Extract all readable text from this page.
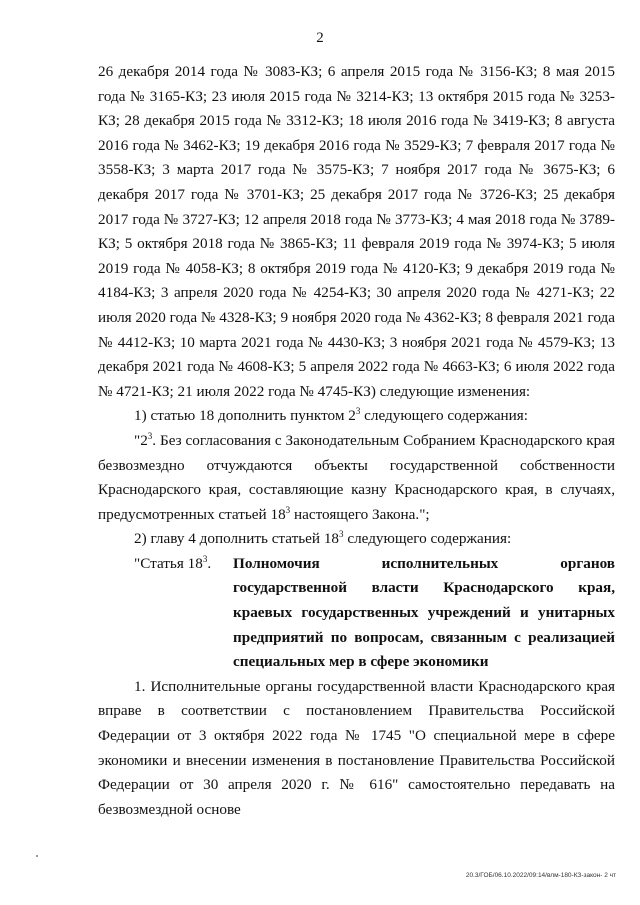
2

26 декабря 2014 года № 3083-КЗ; 6 апреля 2015 года № 3156-КЗ; 8 мая 2015 года № 3165-КЗ; 23 июля 2015 года № 3214-КЗ; 13 октября 2015 года № 3253-КЗ; 28 декабря 2015 года № 3312-КЗ; 18 июля 2016 года № 3419-КЗ; 8 августа 2016 года № 3462-КЗ; 19 декабря 2016 года № 3529-КЗ; 7 февраля 2017 года № 3558-КЗ; 3 марта 2017 года № 3575-КЗ; 7 ноября 2017 года № 3675-КЗ; 6 декабря 2017 года № 3701-КЗ; 25 декабря 2017 года № 3726-КЗ; 25 декабря 2017 года № 3727-КЗ; 12 апреля 2018 года № 3773-КЗ; 4 мая 2018 года № 3789-КЗ; 5 октября 2018 года № 3865-КЗ; 11 февраля 2019 года № 3974-КЗ; 5 июля 2019 года № 4058-КЗ; 8 октября 2019 года № 4120-КЗ; 9 декабря 2019 года № 4184-КЗ; 3 апреля 2020 года № 4254-КЗ; 30 апреля 2020 года № 4271-КЗ; 22 июля 2020 года № 4328-КЗ; 9 ноября 2020 года № 4362-КЗ; 8 февраля 2021 года № 4412-КЗ; 10 марта 2021 года № 4430-КЗ; 3 ноября 2021 года № 4579-КЗ; 13 декабря 2021 года № 4608-КЗ; 5 апреля 2022 года № 4663-КЗ; 6 июля 2022 года № 4721-КЗ; 21 июля 2022 года № 4745-КЗ) следующие изменения:

1) статью 18 дополнить пунктом $2^3$ следующего содержания:

"$2^3$. Без согласования с Законодательным Собранием Краснодарского края безвозмездно отчуждаются объекты государственной собственности Краснодарского края, составляющие казну Краснодарского края, в случаях, предусмотренных статьей $18^3$ настоящего Закона.";

2) главу 4 дополнить статьей $18^3$ следующего содержания:

"Статья $18^3$.	Полномочия исполнительных органов государственной власти Краснодарского края, краевых государственных учреждений и унитарных предприятий по вопросам, связанным с реализацией специальных мер в сфере экономики

1. Исполнительные органы государственной власти Краснодарского края вправе в соответствии с постановлением Правительства Российской Федерации от 3 октября 2022 года № 1745 "О специальной мере в сфере экономики и внесении изменения в постановление Правительства Российской Федерации от 30 апреля 2020 г. № 616" самостоятельно передавать на безвозмездной основе

20.3/ГОБ/06.10.2022/09:14/влм-180-КЗ-закон- 2 чт
